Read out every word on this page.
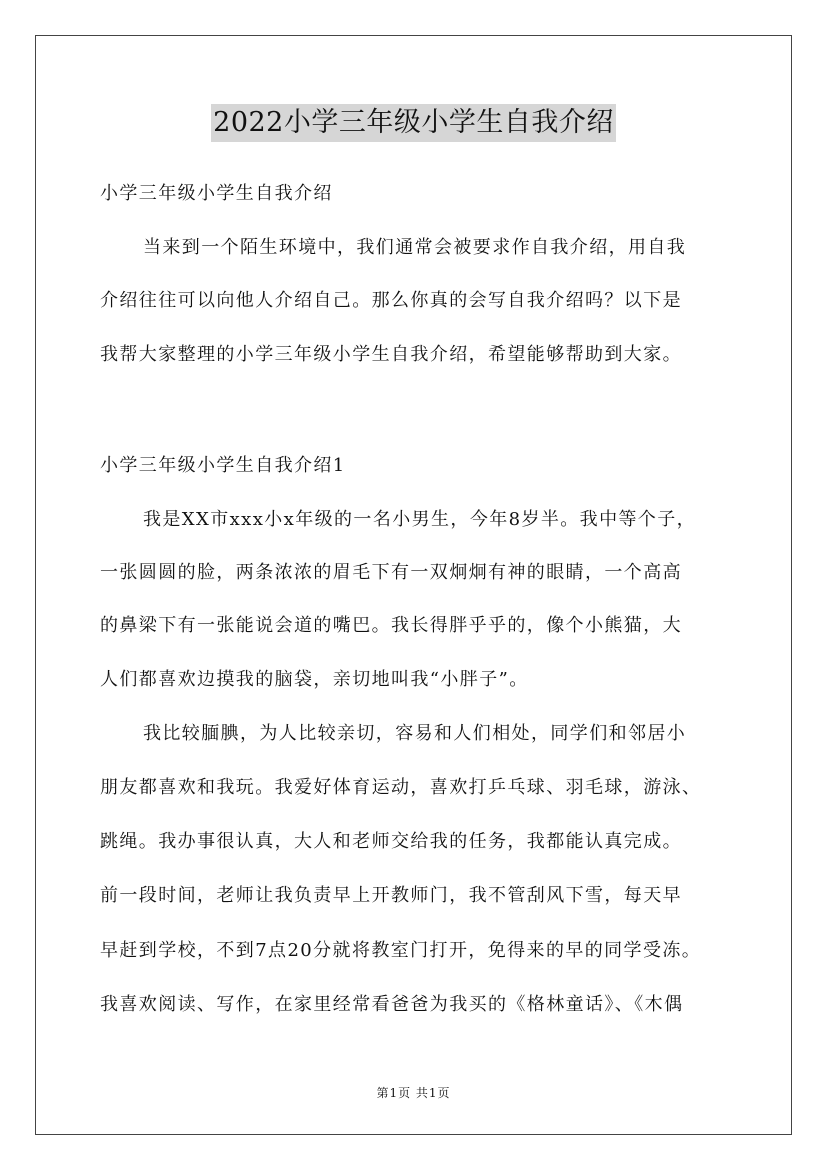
2022小学三年级小学生自我介绍
小学三年级小学生自我介绍
当来到一个陌生环境中，我们通常会被要求作自我介绍，用自我
介绍往往可以向他人介绍自己。那么你真的会写自我介绍吗？以下是
我帮大家整理的小学三年级小学生自我介绍，希望能够帮助到大家。
小学三年级小学生自我介绍1
我是XX市xxx小x年级的一名小男生，今年8岁半。我中等个子，
一张圆圆的脸，两条浓浓的眉毛下有一双炯炯有神的眼睛，一个高高
的鼻梁下有一张能说会道的嘴巴。我长得胖乎乎的，像个小熊猫，大
人们都喜欢边摸我的脑袋，亲切地叫我“小胖子”。
我比较腼腆，为人比较亲切，容易和人们相处，同学们和邻居小
朋友都喜欢和我玩。我爱好体育运动，喜欢打乒乓球、羽毛球，游泳、
跳绳。我办事很认真，大人和老师交给我的任务，我都能认真完成。
前一段时间，老师让我负责早上开教师门，我不管刮风下雪，每天早
早赶到学校，不到7点20分就将教室门打开，免得来的早的同学受冻。
我喜欢阅读、写作，在家里经常看爸爸为我买的《格林童话》、《木偶
第1页 共1页
